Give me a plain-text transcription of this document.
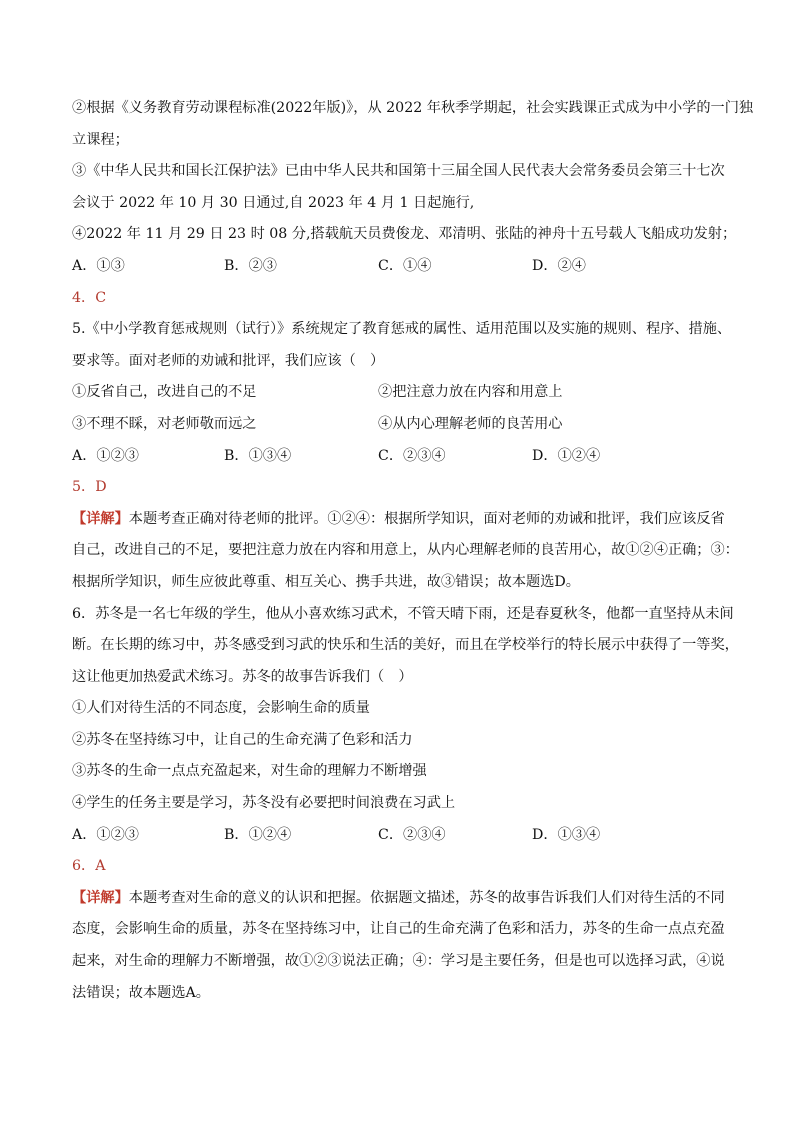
②根据《义务教育劳动课程标准(2022年版)》，从 2022 年秋季学期起，社会实践课正式成为中小学的一门独
立课程；
③《中华人民共和国长江保护法》已由中华人民共和国第十三届全国人民代表大会常务委员会第三十七次
会议于 2022 年 10 月 30 日通过,自 2023 年 4 月 1 日起施行,
④2022 年 11 月 29 日 23 时 08 分,搭载航天员费俊龙、邓清明、张陆的神舟十五号载人飞船成功发射；
A．①③	B．②③	C．①④	D．②④
4．C
5.《中小学教育惩戒规则（试行）》系统规定了教育惩戒的属性、适用范围以及实施的规则、程序、措施、
要求等。面对老师的劝诫和批评，我们应该（　）
①反省自己，改进自己的不足	②把注意力放在内容和用意上
③不理不睬，对老师敬而远之	④从内心理解老师的良苦用心
A．①②③	B．①③④	C．②③④	D．①②④
5．D
【详解】本题考查正确对待老师的批评。①②④：根据所学知识，面对老师的劝诫和批评，我们应该反省
自己，改进自己的不足，要把注意力放在内容和用意上，从内心理解老师的良苦用心，故①②④正确；③：
根据所学知识，师生应彼此尊重、相互关心、携手共进，故③错误；故本题选D。
6．苏冬是一名七年级的学生，他从小喜欢练习武术，不管天晴下雨，还是春夏秋冬，他都一直坚持从未间
断。在长期的练习中，苏冬感受到习武的快乐和生活的美好，而且在学校举行的特长展示中获得了一等奖，
这让他更加热爱武术练习。苏冬的故事告诉我们（　）
①人们对待生活的不同态度，会影响生命的质量
②苏冬在坚持练习中，让自己的生命充满了色彩和活力
③苏冬的生命一点点充盈起来，对生命的理解力不断增强
④学生的任务主要是学习，苏冬没有必要把时间浪费在习武上
A．①②③	B．①②④	C．②③④	D．①③④
6．A
【详解】本题考查对生命的意义的认识和把握。依据题文描述，苏冬的故事告诉我们人们对待生活的不同
态度，会影响生命的质量，苏冬在坚持练习中，让自己的生命充满了色彩和活力，苏冬的生命一点点充盈
起来，对生命的理解力不断增强，故①②③说法正确；④：学习是主要任务，但是也可以选择习武，④说
法错误；故本题选A。
